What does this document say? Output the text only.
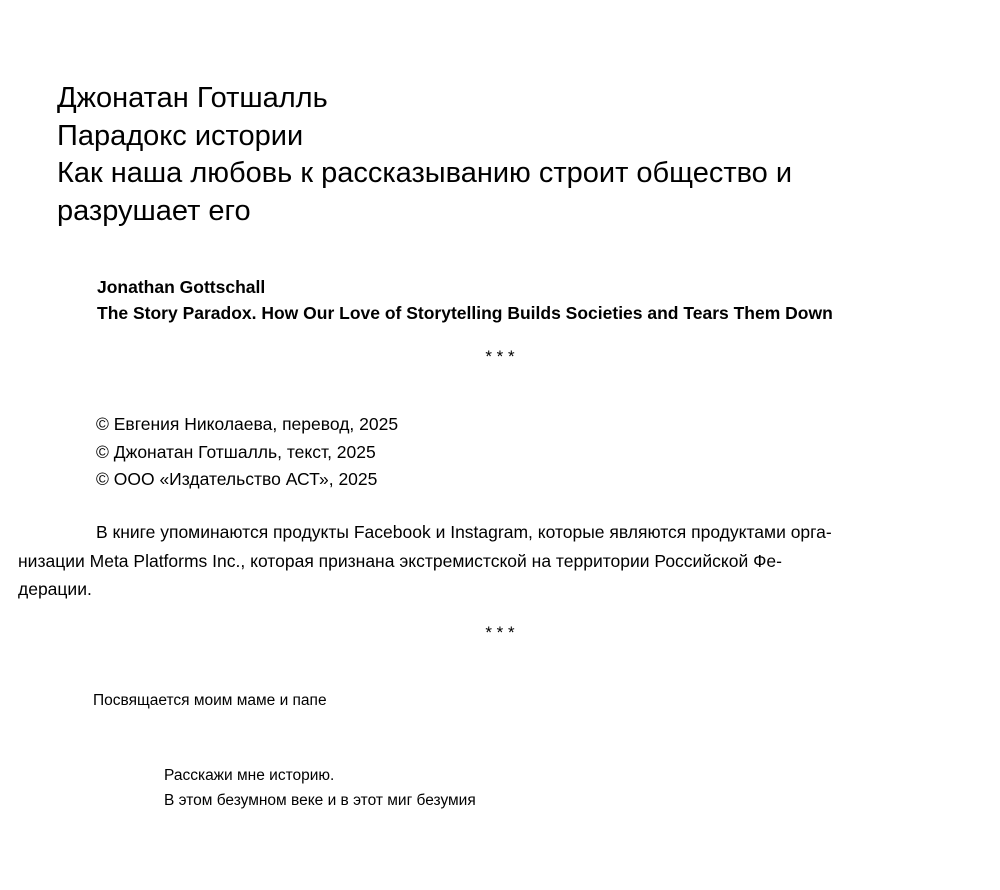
Джонатан Готшалль
Парадокс истории
Как наша любовь к рассказыванию строит общество и
разрушает его
Jonathan Gottschall
The Story Paradox. How Our Love of Storytelling Builds Societies and Tears Them Down
* * *
© Евгения Николаева, перевод, 2025
© Джонатан Готшалль, текст, 2025
© ООО «Издательство АСТ», 2025
В книге упоминаются продукты Facebook и Instagram, которые являются продуктами орга-
низации Meta Platforms Inc., которая признана экстремистской на территории Российской Фе-
дерации.
* * *
Посвящается моим маме и папе
Расскажи мне историю.
В этом безумном веке и в этот миг безумия
